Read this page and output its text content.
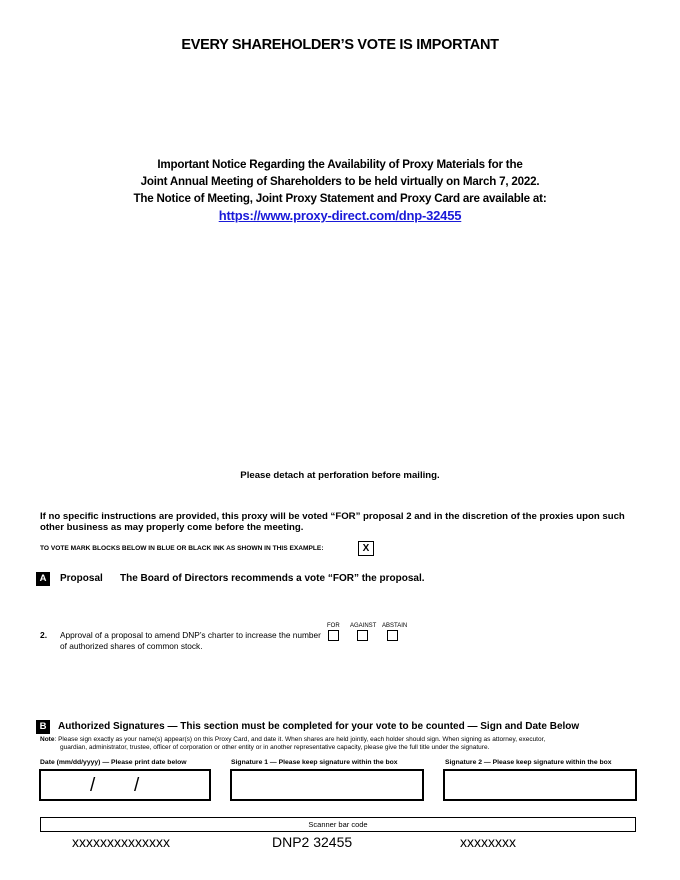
EVERY SHAREHOLDER’S VOTE IS IMPORTANT
Important Notice Regarding the Availability of Proxy Materials for the
Joint Annual Meeting of Shareholders to be held virtually on March 7, 2022.
The Notice of Meeting, Joint Proxy Statement and Proxy Card are available at:
https://www.proxy-direct.com/dnp-32455
Please detach at perforation before mailing.
If no specific instructions are provided, this proxy will be voted “FOR” proposal 2 and in the discretion of the proxies upon such other business as may properly come before the meeting.
TO VOTE MARK BLOCKS BELOW IN BLUE OR BLACK INK AS SHOWN IN THIS EXAMPLE:	X
A	Proposal The Board of Directors recommends a vote “FOR” the proposal.
FOR AGAINST ABSTAIN
2. Approval of a proposal to amend DNP’s charter to increase the number of authorized shares of common stock.
B	Authorized Signatures — This section must be completed for your vote to be counted — Sign and Date Below
Note: Please sign exactly as your name(s) appear(s) on this Proxy Card, and date it. When shares are held jointly, each holder should sign. When signing as attorney, executor,
guardian, administrator, trustee, officer of corporation or other entity or in another representative capacity, please give the full title under the signature.
Date (mm/dd/yyyy) — Please print date below	Signature 1 — Please keep signature within the box	Signature 2 — Please keep signature within the box
/ /
Scanner bar code
xxxxxxxxxxxxxx	DNP2 32455	xxxxxxxx
